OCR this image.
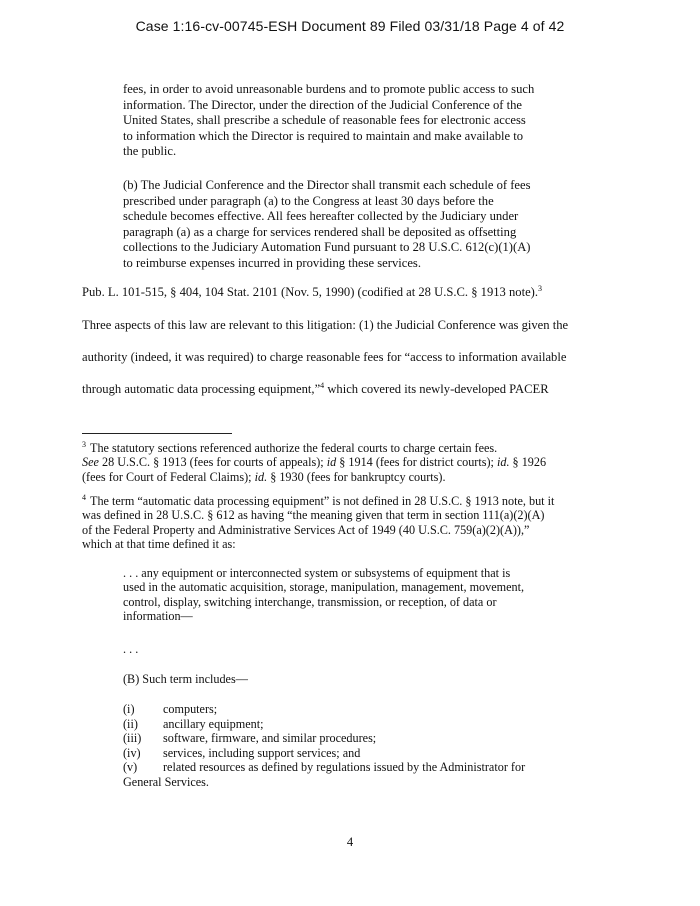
Case 1:16-cv-00745-ESH Document 89 Filed 03/31/18 Page 4 of 42
fees, in order to avoid unreasonable burdens and to promote public access to such
information. The Director, under the direction of the Judicial Conference of the
United States, shall prescribe a schedule of reasonable fees for electronic access
to information which the Director is required to maintain and make available to
the public.
(b) The Judicial Conference and the Director shall transmit each schedule of fees
prescribed under paragraph (a) to the Congress at least 30 days before the
schedule becomes effective. All fees hereafter collected by the Judiciary under
paragraph (a) as a charge for services rendered shall be deposited as offsetting
collections to the Judiciary Automation Fund pursuant to 28 U.S.C. 612(c)(1)(A)
to reimburse expenses incurred in providing these services.
Pub. L. 101-515, § 404, 104 Stat. 2101 (Nov. 5, 1990) (codified at 28 U.S.C. § 1913 note).$^3$
Three aspects of this law are relevant to this litigation: (1) the Judicial Conference was given the
authority (indeed, it was required) to charge reasonable fees for “access to information available
through automatic data processing equipment,”$^4$ which covered its newly-developed PACER
$^3$ The statutory sections referenced authorize the federal courts to charge certain fees.
See 28 U.S.C. § 1913 (fees for courts of appeals); id § 1914 (fees for district courts); id. § 1926
(fees for Court of Federal Claims); id. § 1930 (fees for bankruptcy courts).
$^4$ The term “automatic data processing equipment” is not defined in 28 U.S.C. § 1913 note, but it
was defined in 28 U.S.C. § 612 as having “the meaning given that term in section 111(a)(2)(A)
of the Federal Property and Administrative Services Act of 1949 (40 U.S.C. 759(a)(2)(A)),”
which at that time defined it as:
. . . any equipment or interconnected system or subsystems of equipment that is
used in the automatic acquisition, storage, manipulation, management, movement,
control, display, switching interchange, transmission, or reception, of data or
information—
. . .
(B) Such term includes—
(i)	computers;
(ii)	ancillary equipment;
(iii)	software, firmware, and similar procedures;
(iv)	services, including support services; and
(v)	related resources as defined by regulations issued by the Administrator for
General Services.
4
